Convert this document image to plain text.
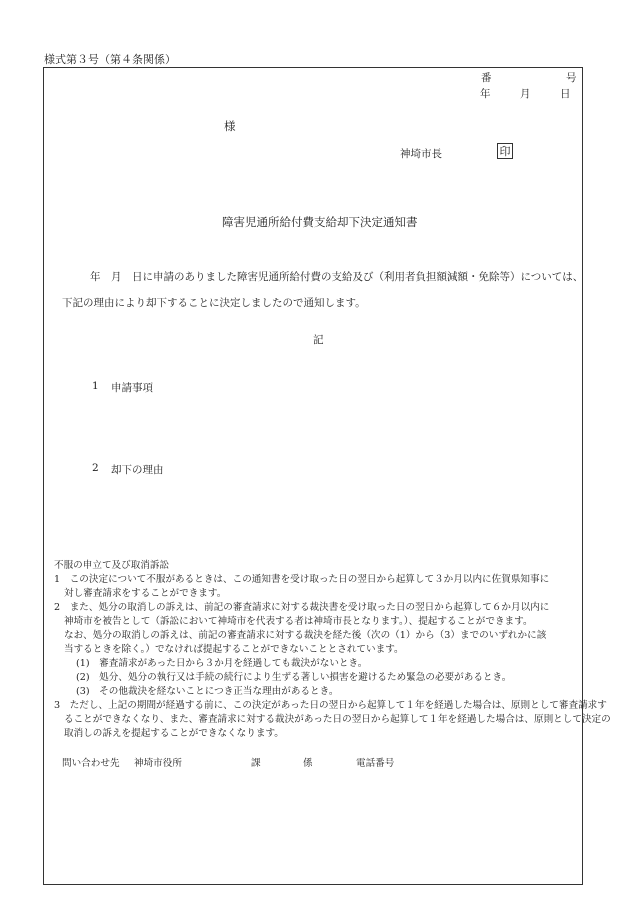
様式第３号（第４条関係）
番	号
年	月	日
様
神埼市長	印
障害児通所給付費支給却下決定通知書
年　月　日に申請のありました障害児通所給付費の支給及び（利用者負担額減額・免除等）については、
下記の理由により却下することに決定しましたので通知します。
記
1 申請事項
2 却下の理由
不服の申立て及び取消訴訟
1　この決定について不服があるときは、この通知書を受け取った日の翌日から起算して３か月以内に佐賀県知事に
対し審査請求をすることができます。
2　また、処分の取消しの訴えは、前記の審査請求に対する裁決書を受け取った日の翌日から起算して６か月以内に
神埼市を被告として（訴訟において神埼市を代表する者は神埼市長となります。）、提起することができます。
なお、処分の取消しの訴えは、前記の審査請求に対する裁決を経た後（次の（1）から（3）までのいずれかに該
当するときを除く。）でなければ提起することができないこととされています。
(1)　審査請求があった日から３か月を経過しても裁決がないとき。
(2)　処分、処分の執行又は手続の続行により生ずる著しい損害を避けるため緊急の必要があるとき。
(3)　その他裁決を経ないことにつき正当な理由があるとき。
3　ただし、上記の期間が経過する前に、この決定があった日の翌日から起算して１年を経過した場合は、原則として審査請求す
ることができなくなり、また、審査請求に対する裁決があった日の翌日から起算して１年を経過した場合は、原則として決定の
取消しの訴えを提起することができなくなります。
問い合わせ先 神埼市役所	課	係	電話番号
